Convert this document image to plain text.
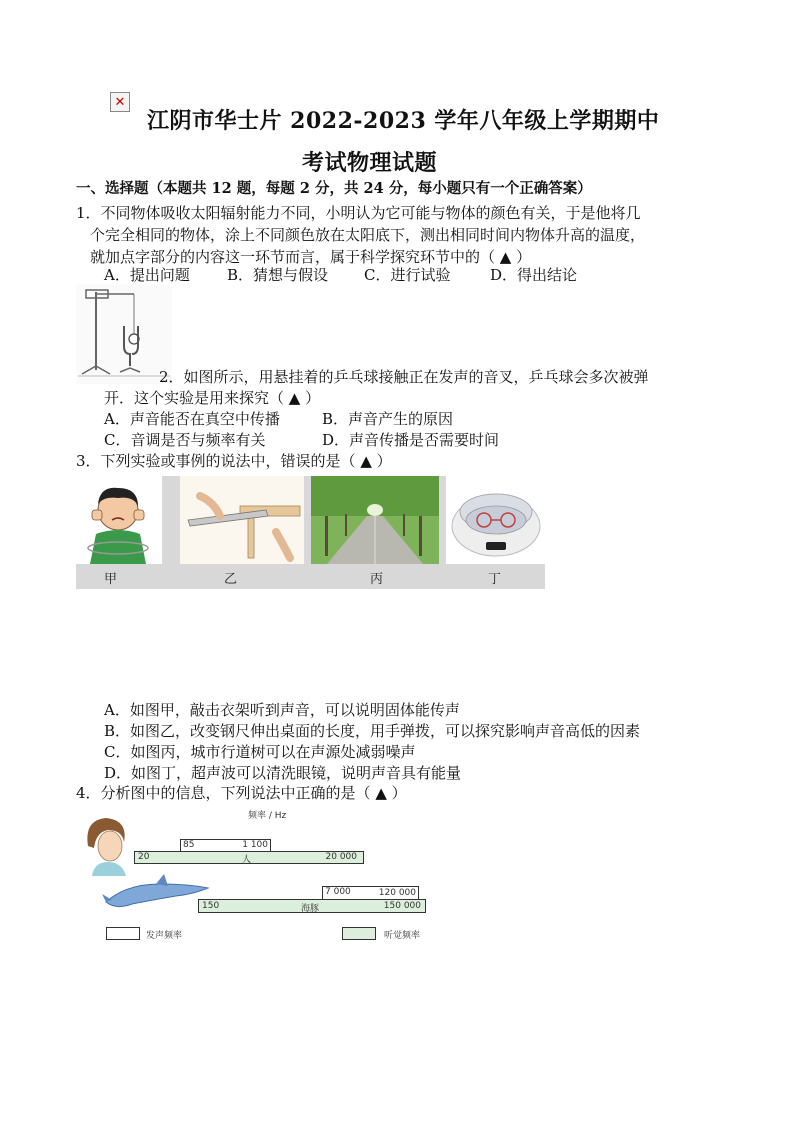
✕
江阴市华士片 2022-2023 学年八年级上学期期中
考试物理试题
一、选择题（本题共 12 题，每题 2 分，共 24 分，每小题只有一个正确答案）
1．不同物体吸收太阳辐射能力不同，小明认为它可能与物体的颜色有关，于是他将几
个完全相同的物体，涂上不同颜色放在太阳底下，测出相同时间内物体升高的温度，
就加点字部分的内容这一环节而言，属于科学探究环节中的（ ▲ ）
A．提出问题 B．猜想与假设 C．进行试验	D．得出结论
2．如图所示，用悬挂着的乒乓球接触正在发声的音叉，乒乓球会多次被弹
开．这个实验是用来探究（ ▲ ）
A．声音能否在真空中传播	B．声音产生的原因
C．音调是否与频率有关	D．声音传播是否需要时间
3．下列实验或事例的说法中，错误的是（ ▲ ）
甲	乙	丙	丁
A．如图甲，敲击衣架听到声音，可以说明固体能传声
B．如图乙，改变钢尺伸出桌面的长度，用手弹拨，可以探究影响声音高低的因素
C．如图丙，城市行道树可以在声源处减弱噪声
D．如图丁，超声波可以清洗眼镜，说明声音具有能量
4．分析图中的信息，下列说法中正确的是（ ▲ ）
频率 / Hz
85	1 100
20	人	20 000
7 000	120 000
150	海豚	150 000
发声频率	听觉频率
